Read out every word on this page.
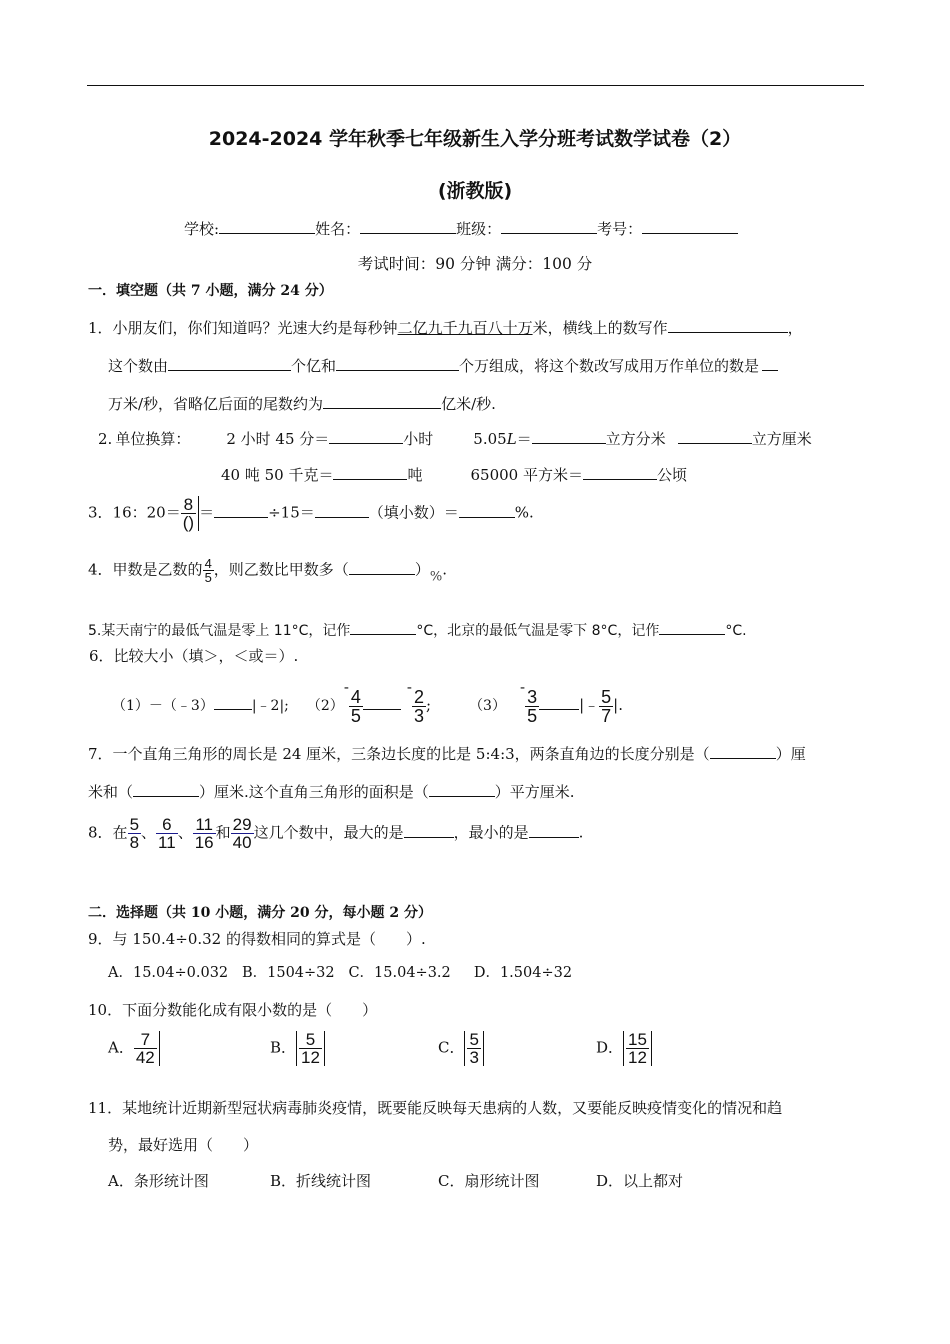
2024-2024 学年秋季七年级新生入学分班考试数学试卷（2）
(浙教版)
学校:	姓名：	班级：	考号：
考试时间：90 分钟 满分：100 分
一．填空题（共 7 小题，满分 24 分）
1．小朋友们，你们知道吗？光速大约是每秒钟二亿九千九百八十万米，横线上的数写作	，
这个数由	个亿和	个万组成，将这个数改写成用万作单位的数是
万米/秒，省略亿后面的尾数约为	亿米/秒.
2. 单位换算： 2 小时 45 分＝	小时	5.05L＝	立方分米	立方厘米
40 吨 50 千克＝	吨	65000 平方米＝	公顷
3．16：$20= \frac{8}{()}$ ＝	÷15＝	（填小数）＝	%.
4．甲数是乙数的 $\frac{4}{5}$ ，则乙数比甲数多（	）%.
5.某天南宁的最低气温是零上 11°C，记作	°C，北京的最低气温是零下 8°C，记作	°C.
6．比较大小（填＞，＜或＝）.
（1）－（﹣3）	|﹣2|; （2）-
$\frac{4}{5}$
-
$\frac{2}{3}$ ;	（3）-
$\frac{3}{5}$	|﹣ $\frac{5}{7}$ |.
7．一个直角三角形的周长是 24 厘米，三条边长度的比是 5:4:3，两条直角边的长度分别是（	）厘
米和（	）厘米.这个直角三角形的面积是（	）平方厘米.
8．在 $\frac{5}{8}$ 、 $\frac{6}{11}$ 、 $\frac{11}{16}$ 和 $\frac{29}{40}$ 这几个数中，最大的是	，最小的是	.
二．选择题（共 10 小题，满分 20 分，每小题 2 分）
9．与 150.4÷0.32 的得数相同的算式是（　　）.
A．15.04÷0.032   B．1504÷32   C．15.04÷3.2     D．1.504÷32
10．下面分数能化成有限小数的是（　　）
A． $\frac{7}{42}$	B． $\frac{5}{12}$	C． $\frac{5}{3}$	D． $\frac{15}{12}$
11．某地统计近期新型冠状病毒肺炎疫情，既要能反映每天患病的人数，又要能反映疫情变化的情况和趋
势，最好选用（　　）
A．条形统计图	B．折线统计图	C．扇形统计图	D．以上都对
